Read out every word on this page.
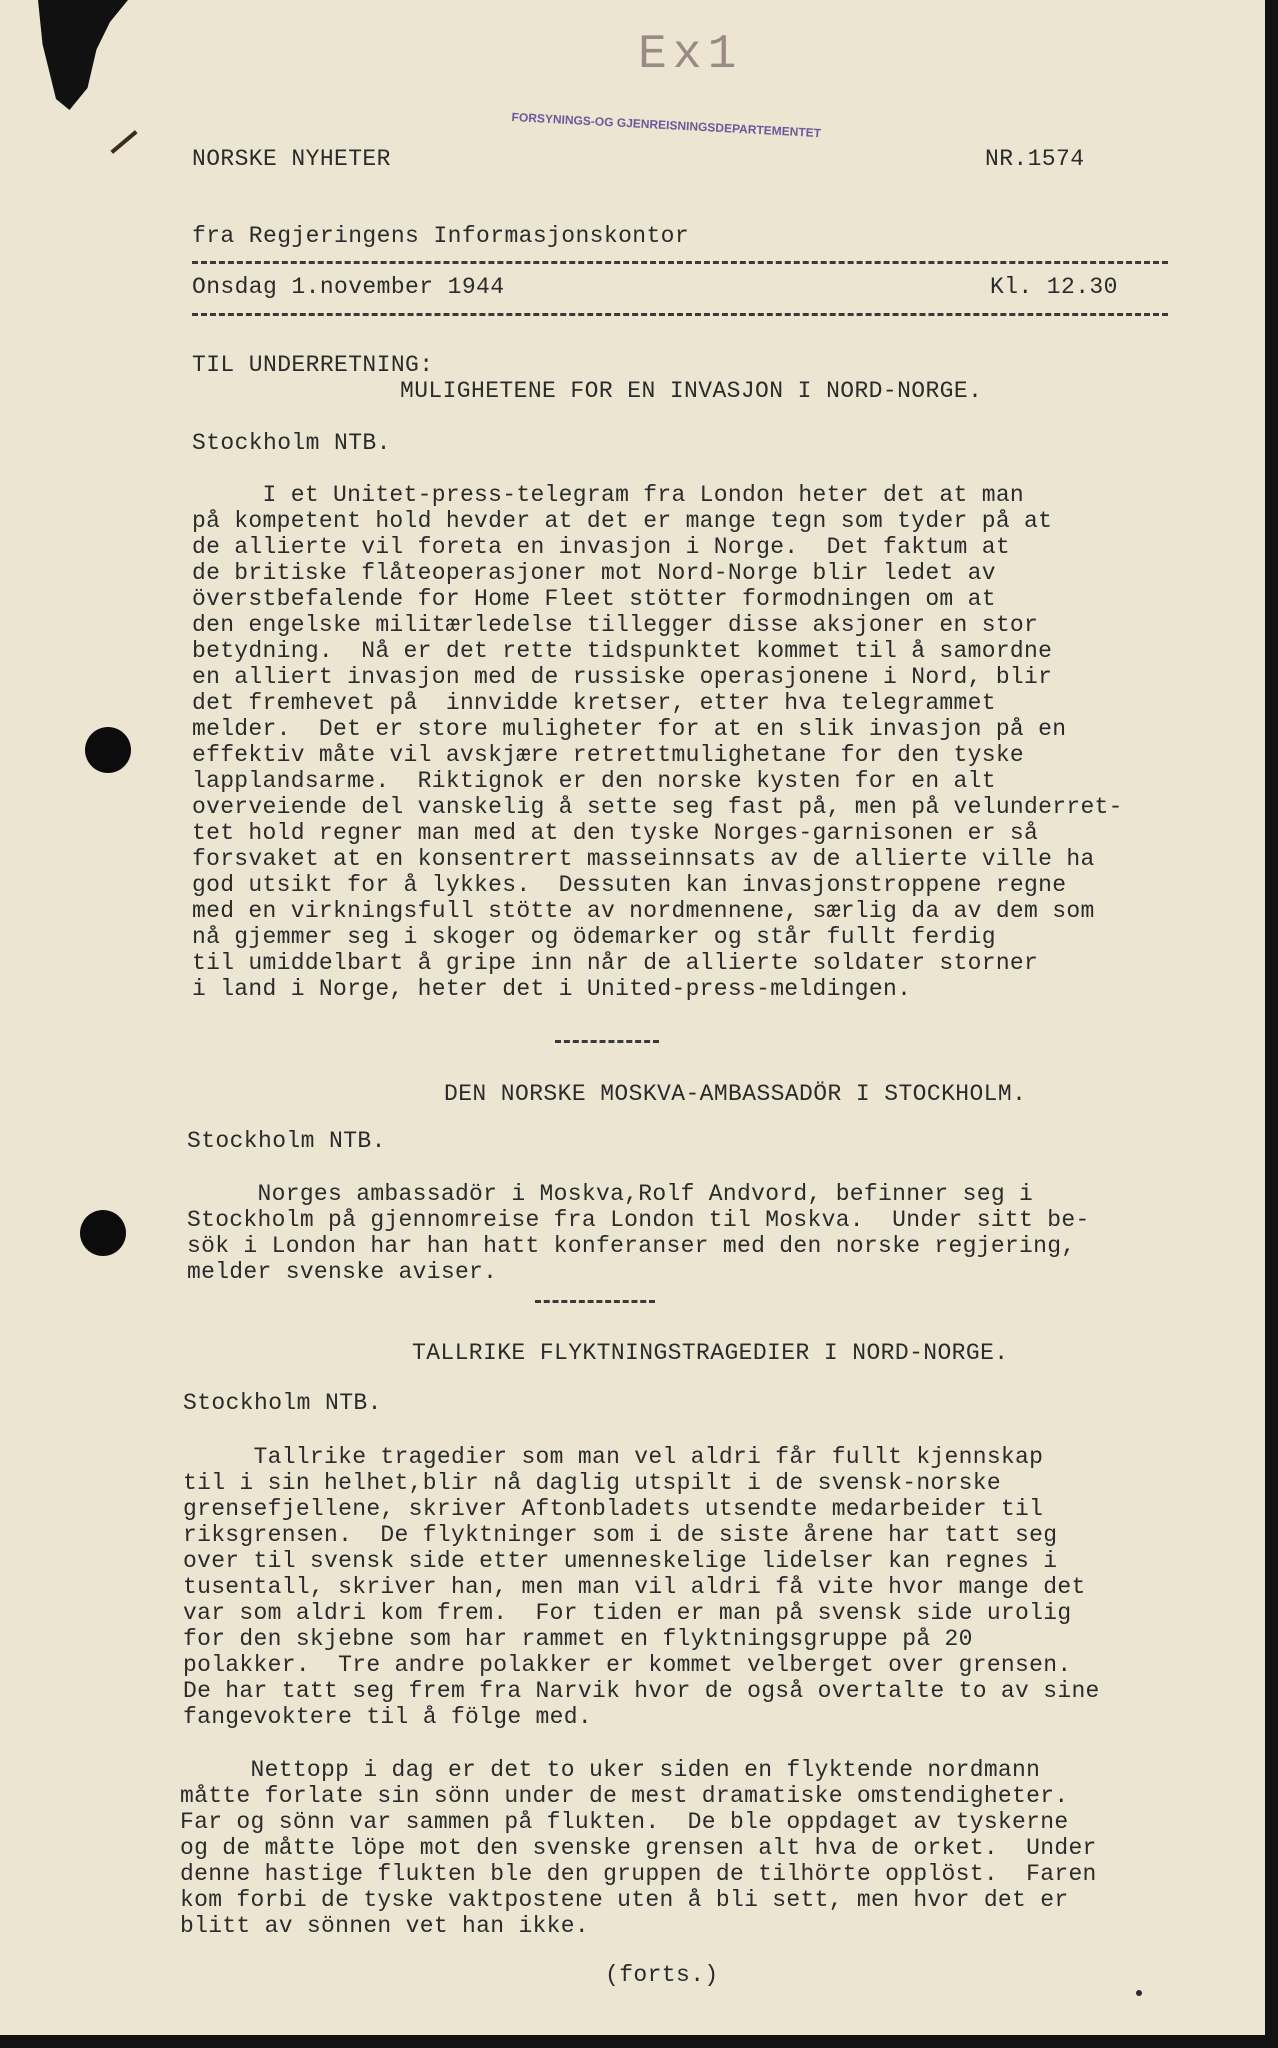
Ex1
FORSYNINGS-OG GJENREISNINGSDEPARTEMENTET
NORSKE NYHETER	NR.1574
fra Regjeringens Informasjonskontor
Onsdag 1.november 1944	Kl. 12.30
TIL UNDERRETNING:
MULIGHETENE FOR EN INVASJON I NORD-NORGE.
Stockholm NTB.
I et Unitet-press-telegram fra London heter det at man
på kompetent hold hevder at det er mange tegn som tyder på at
de allierte vil foreta en invasjon i Norge.  Det faktum at
de britiske flåteoperasjoner mot Nord-Norge blir ledet av
överstbefalende for Home Fleet stötter formodningen om at
den engelske militærledelse tillegger disse aksjoner en stor
betydning.  Nå er det rette tidspunktet kommet til å samordne
en alliert invasjon med de russiske operasjonene i Nord, blir
det fremhevet på  innvidde kretser, etter hva telegrammet
melder.  Det er store muligheter for at en slik invasjon på en
effektiv måte vil avskjære retrettmulighetane for den tyske
lapplandsarme.  Riktignok er den norske kysten for en alt
overveiende del vanskelig å sette seg fast på, men på velunderret-
tet hold regner man med at den tyske Norges-garnisonen er så
forsvaket at en konsentrert masseinnsats av de allierte ville ha
god utsikt for å lykkes.  Dessuten kan invasjonstroppene regne
med en virkningsfull stötte av nordmennene, særlig da av dem som
nå gjemmer seg i skoger og ödemarker og står fullt ferdig
til umiddelbart å gripe inn når de allierte soldater storner
i land i Norge, heter det i United-press-meldingen.
DEN NORSKE MOSKVA-AMBASSADÖR I STOCKHOLM.
Stockholm NTB.
Norges ambassadör i Moskva,Rolf Andvord, befinner seg i
Stockholm på gjennomreise fra London til Moskva.  Under sitt be-
sök i London har han hatt konferanser med den norske regjering,
melder svenske aviser.
TALLRIKE FLYKTNINGSTRAGEDIER I NORD-NORGE.
Stockholm NTB.
Tallrike tragedier som man vel aldri får fullt kjennskap
til i sin helhet,blir nå daglig utspilt i de svensk-norske
grensefjellene, skriver Aftonbladets utsendte medarbeider til
riksgrensen.  De flyktninger som i de siste årene har tatt seg
over til svensk side etter umenneskelige lidelser kan regnes i
tusentall, skriver han, men man vil aldri få vite hvor mange det
var som aldri kom frem.  For tiden er man på svensk side urolig
for den skjebne som har rammet en flyktningsgruppe på 20
polakker.  Tre andre polakker er kommet velberget over grensen.
De har tatt seg frem fra Narvik hvor de også overtalte to av sine
fangevoktere til å fölge med.
Nettopp i dag er det to uker siden en flyktende nordmann
måtte forlate sin sönn under de mest dramatiske omstendigheter.
Far og sönn var sammen på flukten.  De ble oppdaget av tyskerne
og de måtte löpe mot den svenske grensen alt hva de orket.  Under
denne hastige flukten ble den gruppen de tilhörte opplöst.  Faren
kom forbi de tyske vaktpostene uten å bli sett, men hvor det er
blitt av sönnen vet han ikke.
(forts.)
